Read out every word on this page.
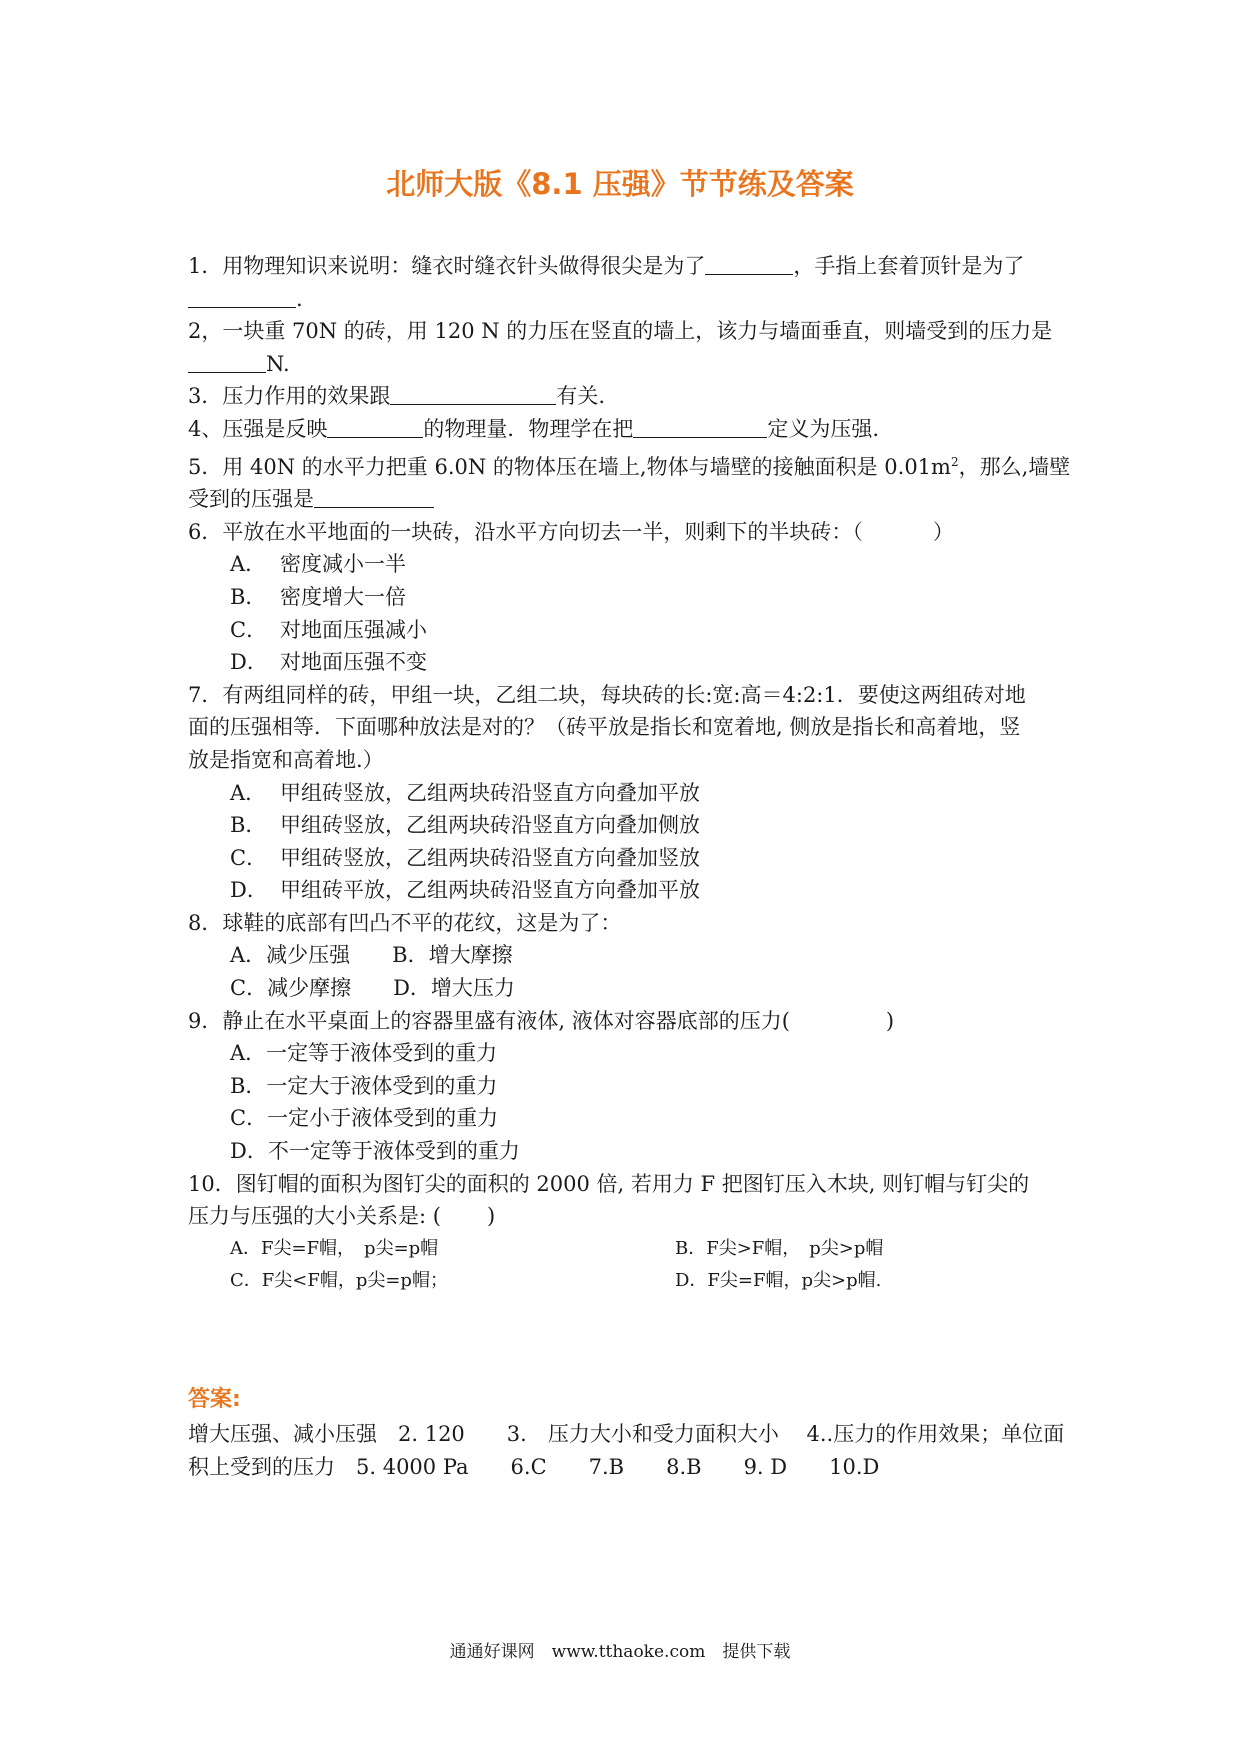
北师大版《8.1 压强》节节练及答案
1．用物理知识来说明：缝衣时缝衣针头做得很尖是为了	，手指上套着顶针是为了
.
2，一块重 70N 的砖，用 120 N 的力压在竖直的墙上，该力与墙面垂直，则墙受到的压力是
N.
3．压力作用的效果跟	有关.
4、压强是反映	的物理量．物理学在把	定义为压强.
5．用 40N 的水平力把重 6.0N 的物体压在墙上,物体与墙壁的接触面积是 $0.01m^2$，那么,墙壁
受到的压强是
6．平放在水平地面的一块砖，沿水平方向切去一半，则剩下的半块砖：（	）
A． 密度减小一半
B． 密度增大一倍
C． 对地面压强减小
D． 对地面压强不变
7．有两组同样的砖，甲组一块，乙组二块，每块砖的长:宽:高＝4:2:1．要使这两组砖对地
面的压强相等．下面哪种放法是对的？（砖平放是指长和宽着地, 侧放是指长和高着地，竖
放是指宽和高着地.）
A． 甲组砖竖放，乙组两块砖沿竖直方向叠加平放
B． 甲组砖竖放，乙组两块砖沿竖直方向叠加侧放
C． 甲组砖竖放，乙组两块砖沿竖直方向叠加竖放
D． 甲组砖平放，乙组两块砖沿竖直方向叠加平放
8．球鞋的底部有凹凸不平的花纹，这是为了：
A．减少压强　　B．增大摩擦
C．减少摩擦　　D．增大压力
9．静止在水平桌面上的容器里盛有液体, 液体对容器底部的压力(	)
A．一定等于液体受到的重力
B．一定大于液体受到的重力
C．一定小于液体受到的重力
D．不一定等于液体受到的重力
10．图钉帽的面积为图钉尖的面积的 2000 倍, 若用力 F 把图钉压入木块, 则钉帽与钉尖的
压力与压强的大小关系是: ( )
A．F尖=F帽，　p尖=p帽	B．F尖>F帽，　p尖>p帽
C．F尖<F帽，p尖=p帽；	D．F尖=F帽，p尖>p帽.
答案:
增大压强、减小压强　2. 120　　3.　压力大小和受力面积大小　 4..压力的作用效果；单位面
积上受到的压力　5. 4000 Pa　　6.C　　7.B　　8.B　　9. D　　10.D
通通好课网　www.tthaoke.com　提供下载
